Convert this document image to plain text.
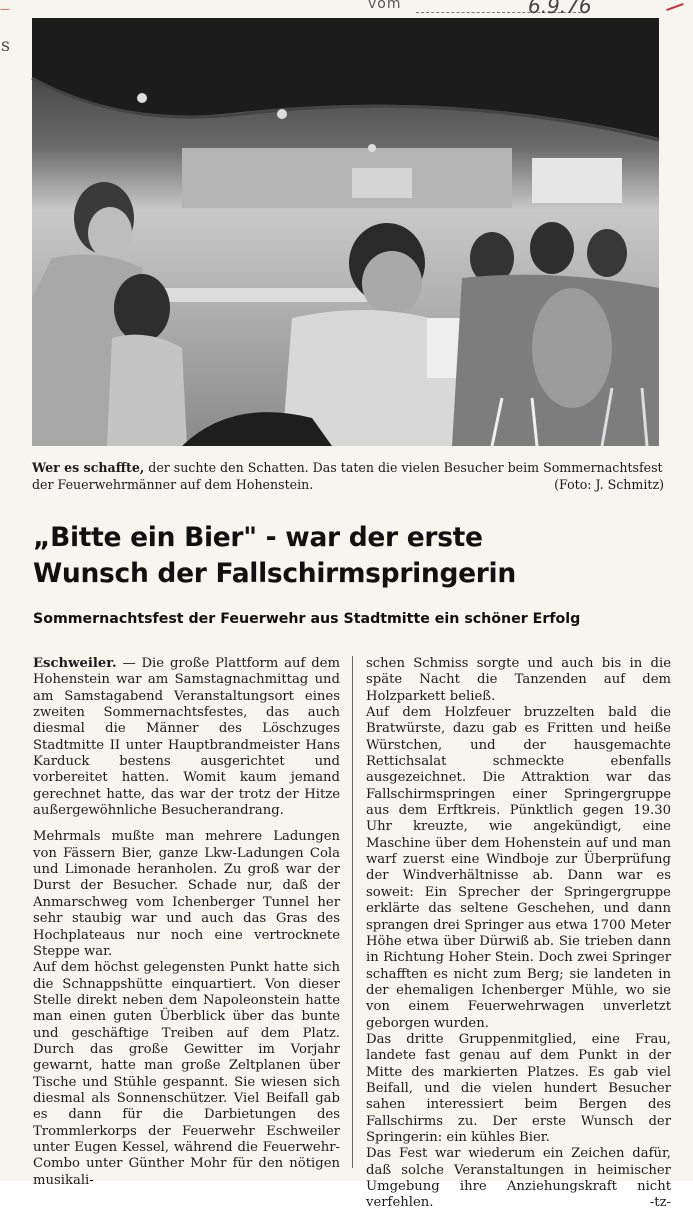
—
S
vom	6.9.76
Wer es schaffte, der suchte den Schatten. Das taten die vielen Besucher beim Sommernachtsfest der Feuerwehrmänner auf dem Hohenstein.	(Foto: J. Schmitz)
„Bitte ein Bier" - war der erste
Wunsch der Fallschirmspringerin
Sommernachtsfest der Feuerwehr aus Stadtmitte ein schöner Erfolg

Eschweiler. — Die große Plattform auf dem Hohenstein war am Samstagnachmittag und am Samstagabend Veranstaltungsort eines zweiten Sommernachtsfestes, das auch diesmal die Männer des Löschzuges Stadtmitte II unter Hauptbrandmeister Hans Karduck bestens ausgerichtet und vorbereitet hatten. Womit kaum jemand gerechnet hatte, das war der trotz der Hitze außergewöhnliche Besucherandrang.

Mehrmals mußte man mehrere Ladungen von Fässern Bier, ganze Lkw-Ladungen Cola und Limonade heranholen. Zu groß war der Durst der Besucher. Schade nur, daß der Anmarschweg vom Ichenberger Tunnel her sehr staubig war und auch das Gras des Hochplateaus nur noch eine vertrocknete Steppe war.

Auf dem höchst gelegensten Punkt hatte sich die Schnappshütte einquartiert. Von dieser Stelle direkt neben dem Napoleonstein hatte man einen guten Überblick über das bunte und geschäftige Treiben auf dem Platz. Durch das große Gewitter im Vorjahr gewarnt, hatte man große Zeltplanen über Tische und Stühle gespannt. Sie wiesen sich diesmal als Sonnenschützer. Viel Beifall gab es dann für die Darbietungen des Trommlerkorps der Feuerwehr Eschweiler unter Eugen Kessel, während die Feuerwehr-Combo unter Günther Mohr für den nötigen musikali-

schen Schmiss sorgte und auch bis in die späte Nacht die Tanzenden auf dem Holzparkett beließ.

Auf dem Holzfeuer bruzzelten bald die Bratwürste, dazu gab es Fritten und heiße Würstchen, und der hausgemachte Rettichsalat schmeckte ebenfalls ausgezeichnet. Die Attraktion war das Fallschirmspringen einer Springergruppe aus dem Erftkreis. Pünktlich gegen 19.30 Uhr kreuzte, wie angekündigt, eine Maschine über dem Hohenstein auf und man warf zuerst eine Windboje zur Überprüfung der Windverhältnisse ab. Dann war es soweit: Ein Sprecher der Springergruppe erklärte das seltene Geschehen, und dann sprangen drei Springer aus etwa 1700 Meter Höhe etwa über Dürwiß ab. Sie trieben dann in Richtung Hoher Stein. Doch zwei Springer schafften es nicht zum Berg; sie landeten in der ehemaligen Ichenberger Mühle, wo sie von einem Feuerwehrwagen unverletzt geborgen wurden.

Das dritte Gruppenmitglied, eine Frau, landete fast genau auf dem Punkt in der Mitte des markierten Platzes. Es gab viel Beifall, und die vielen hundert Besucher sahen interessiert beim Bergen des Fallschirms zu. Der erste Wunsch der Springerin: ein kühles Bier.

Das Fest war wiederum ein Zeichen dafür, daß solche Veranstaltungen in heimischer Umgebung ihre Anziehungskraft nicht verfehlen.	-tz-
